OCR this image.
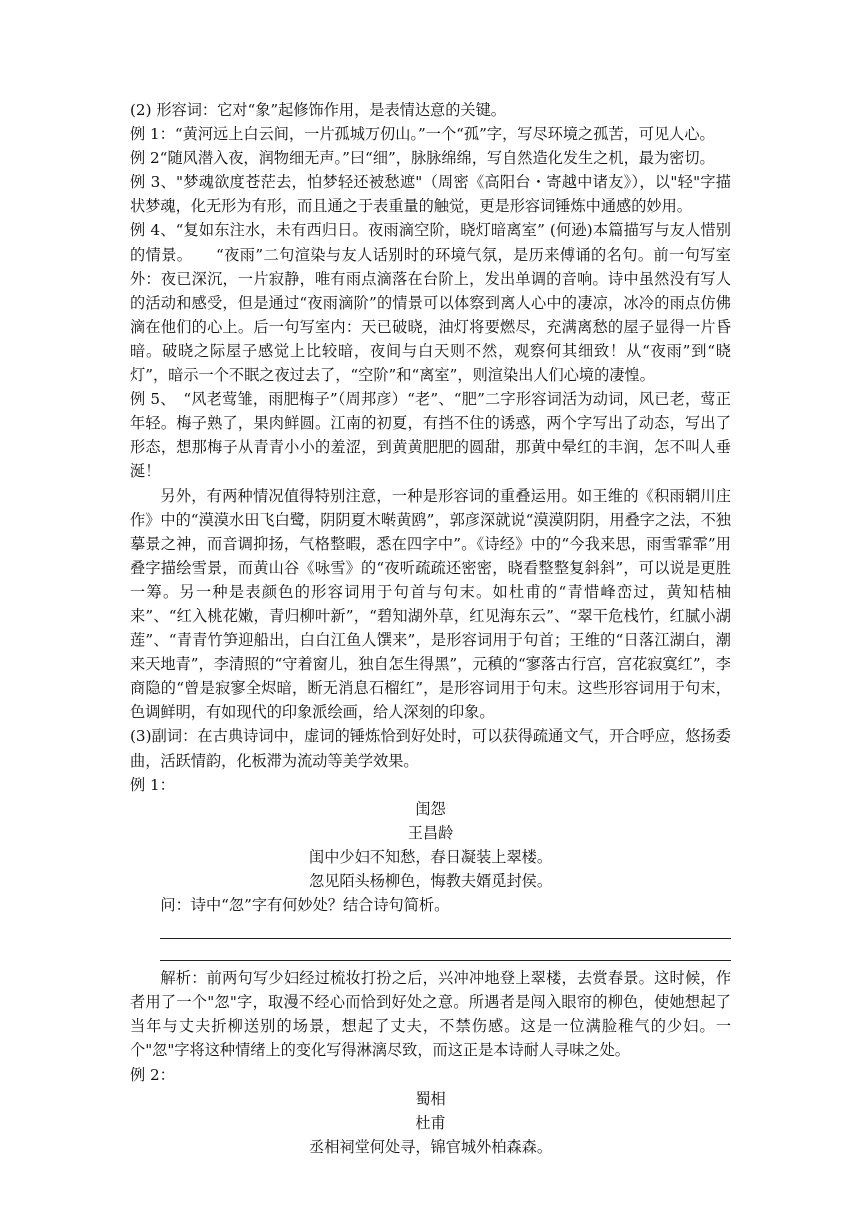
(2) 形容词：它对“象”起修饰作用，是表情达意的关键。

例 1：“黄河远上白云间，一片孤城万仞山。”一个“孤”字，写尽环境之孤苦，可见人心。

例 2“随风潜入夜，润物细无声。”曰“细”，脉脉绵绵，写自然造化发生之机，最为密切。

例 3、"梦魂欲度苍茫去，怕梦轻还被愁遮"（周密《高阳台・寄越中诸友》），以"轻"字描状梦魂，化无形为有形，而且通之于表重量的触觉，更是形容词锤炼中通感的妙用。

例 4、“复如东注水，未有西归日。夜雨滴空阶，晓灯暗离室” (何逊)本篇描写与友人惜别的情景。　　“夜雨”二句渲染与友人话别时的环境气氛，是历来傅诵的名句。前一句写室外：夜已深沉，一片寂静，唯有雨点滴落在台阶上，发出单调的音响。诗中虽然没有写人的活动和感受，但是通过“夜雨滴阶”的情景可以体察到离人心中的凄凉，冰冷的雨点仿佛滴在他们的心上。后一句写室内：天已破晓，油灯将要燃尽，充满离愁的屋子显得一片昏暗。破晓之际屋子感觉上比较暗，夜间与白天则不然，观察何其细致！从“夜雨”到“晓灯”，暗示一个不眠之夜过去了，“空阶”和“离室”，则渲染出人们心境的凄惶。

例 5、　“风老莺雏，雨肥梅子”（周邦彦）“老”、“肥”二字形容词活为动词，风已老，莺正年轻。梅子熟了，果肉鲜圆。江南的初夏，有挡不住的诱惑，两个字写出了动态，写出了形态，想那梅子从青青小小的羞涩，到黄黄肥肥的圆甜，那黄中晕红的丰润，怎不叫人垂涎！

另外，有两种情况值得特别注意，一种是形容词的重叠运用。如王维的《积雨辋川庄作》中的“漠漠水田飞白鹭，阴阴夏木啭黄鸥”，郭彦深就说“漠漠阴阴，用叠字之法，不独摹景之神，而音调抑扬，气格整暇，悉在四字中”。《诗经》中的“今我来思，雨雪霏霏”用叠字描绘雪景，而黄山谷《咏雪》的“夜听疏疏还密密，晓看整整复斜斜”，可以说是更胜一筹。另一种是表颜色的形容词用于句首与句末。如杜甫的“青惜峰峦过，黄知桔柚来”、“红入桃花嫩，青归柳叶新”，“碧知湖外草，红见海东云”、“翠干危栈竹，红腻小湖莲”、“青青竹笋迎船出，白白江鱼人馔来”，是形容词用于句首；王维的“日落江湖白，潮来天地青”，李清照的“守着窗儿，独自怎生得黑”，元稹的“寥落古行宫，宫花寂寞红”，李商隐的“曾是寂寥全烬暗，断无消息石榴红”，是形容词用于句末。这些形容词用于句末，色调鲜明，有如现代的印象派绘画，给人深刻的印象。

(3)副词：在古典诗词中，虚词的锤炼恰到好处时，可以获得疏通文气，开合呼应，悠扬委曲，活跃情韵，化板滞为流动等美学效果。

例 1：

闺怨

王昌龄

闺中少妇不知愁，春日凝装上翠楼。

忽见陌头杨柳色，悔教夫婿觅封侯。

问：诗中“忽”字有何妙处？结合诗句简析。

解析：前两句写少妇经过梳妆打扮之后，兴冲冲地登上翠楼，去赏春景。这时候，作者用了一个"忽"字，取漫不经心而恰到好处之意。所遇者是闯入眼帘的柳色，使她想起了当年与丈夫折柳送别的场景，想起了丈夫，不禁伤感。这是一位满脸稚气的少妇。一个"忽"字将这种情绪上的变化写得淋漓尽致，而这正是本诗耐人寻味之处。

例 2：

蜀相

杜甫

丞相祠堂何处寻，锦官城外柏森森。
